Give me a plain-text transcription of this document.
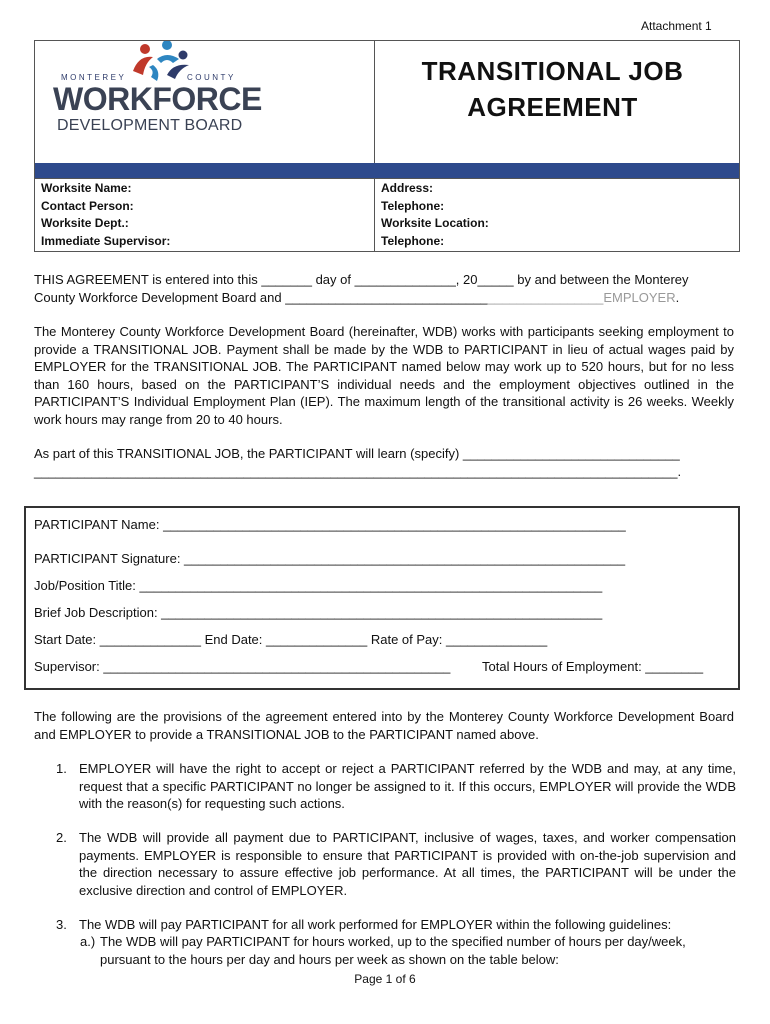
Attachment 1
MONTEREY	COUNTY
WORKFORCE
DEVELOPMENT BOARD
TRANSITIONAL JOB
AGREEMENT
Worksite Name:
Contact Person:
Worksite Dept.:
Immediate Supervisor:
Address:
Telephone:
Worksite Location:
Telephone:
THIS AGREEMENT is entered into this _______ day of ______________, 20_____ by and between the Monterey
County Workforce Development Board and ____________________________________________EMPLOYER.
The Monterey County Workforce Development Board (hereinafter, WDB) works with participants seeking employment to provide a TRANSITIONAL JOB. Payment shall be made by the WDB to PARTICIPANT in lieu of actual wages paid by EMPLOYER for the TRANSITIONAL JOB. The PARTICIPANT named below may work up to 520 hours, but for no less than 160 hours, based on the PARTICIPANT’S individual needs and the employment objectives outlined in the PARTICIPANT’S Individual Employment Plan (IEP). The maximum length of the transitional activity is 26 weeks. Weekly work hours may range from 20 to 40 hours.
As part of this TRANSITIONAL JOB, the PARTICIPANT will learn (specify) ______________________________
_________________________________________________________________________________________.
PARTICIPANT Name: ________________________________________________________________
PARTICIPANT Signature: _____________________________________________________________
Job/Position Title: ________________________________________________________________
Brief Job Description: _____________________________________________________________
Start Date: ______________ End Date: ______________ Rate of Pay: ______________
Supervisor: ________________________________________________ Total Hours of Employment: ________
The following are the provisions of the agreement entered into by the Monterey County Workforce Development Board and EMPLOYER to provide a TRANSITIONAL JOB to the PARTICIPANT named above.
1. EMPLOYER will have the right to accept or reject a PARTICIPANT referred by the WDB and may, at any time, request that a specific PARTICIPANT no longer be assigned to it. If this occurs, EMPLOYER will provide the WDB with the reason(s) for requesting such actions.
2. The WDB will provide all payment due to PARTICIPANT, inclusive of wages, taxes, and worker compensation payments. EMPLOYER is responsible to ensure that PARTICIPANT is provided with on-the-job supervision and the direction necessary to assure effective job performance. At all times, the PARTICIPANT will be under the exclusive direction and control of EMPLOYER.
3. The WDB will pay PARTICIPANT for all work performed for EMPLOYER within the following guidelines:
a.) The WDB will pay PARTICIPANT for hours worked, up to the specified number of hours per day/week, pursuant to the hours per day and hours per week as shown on the table below:
Page 1 of 6
